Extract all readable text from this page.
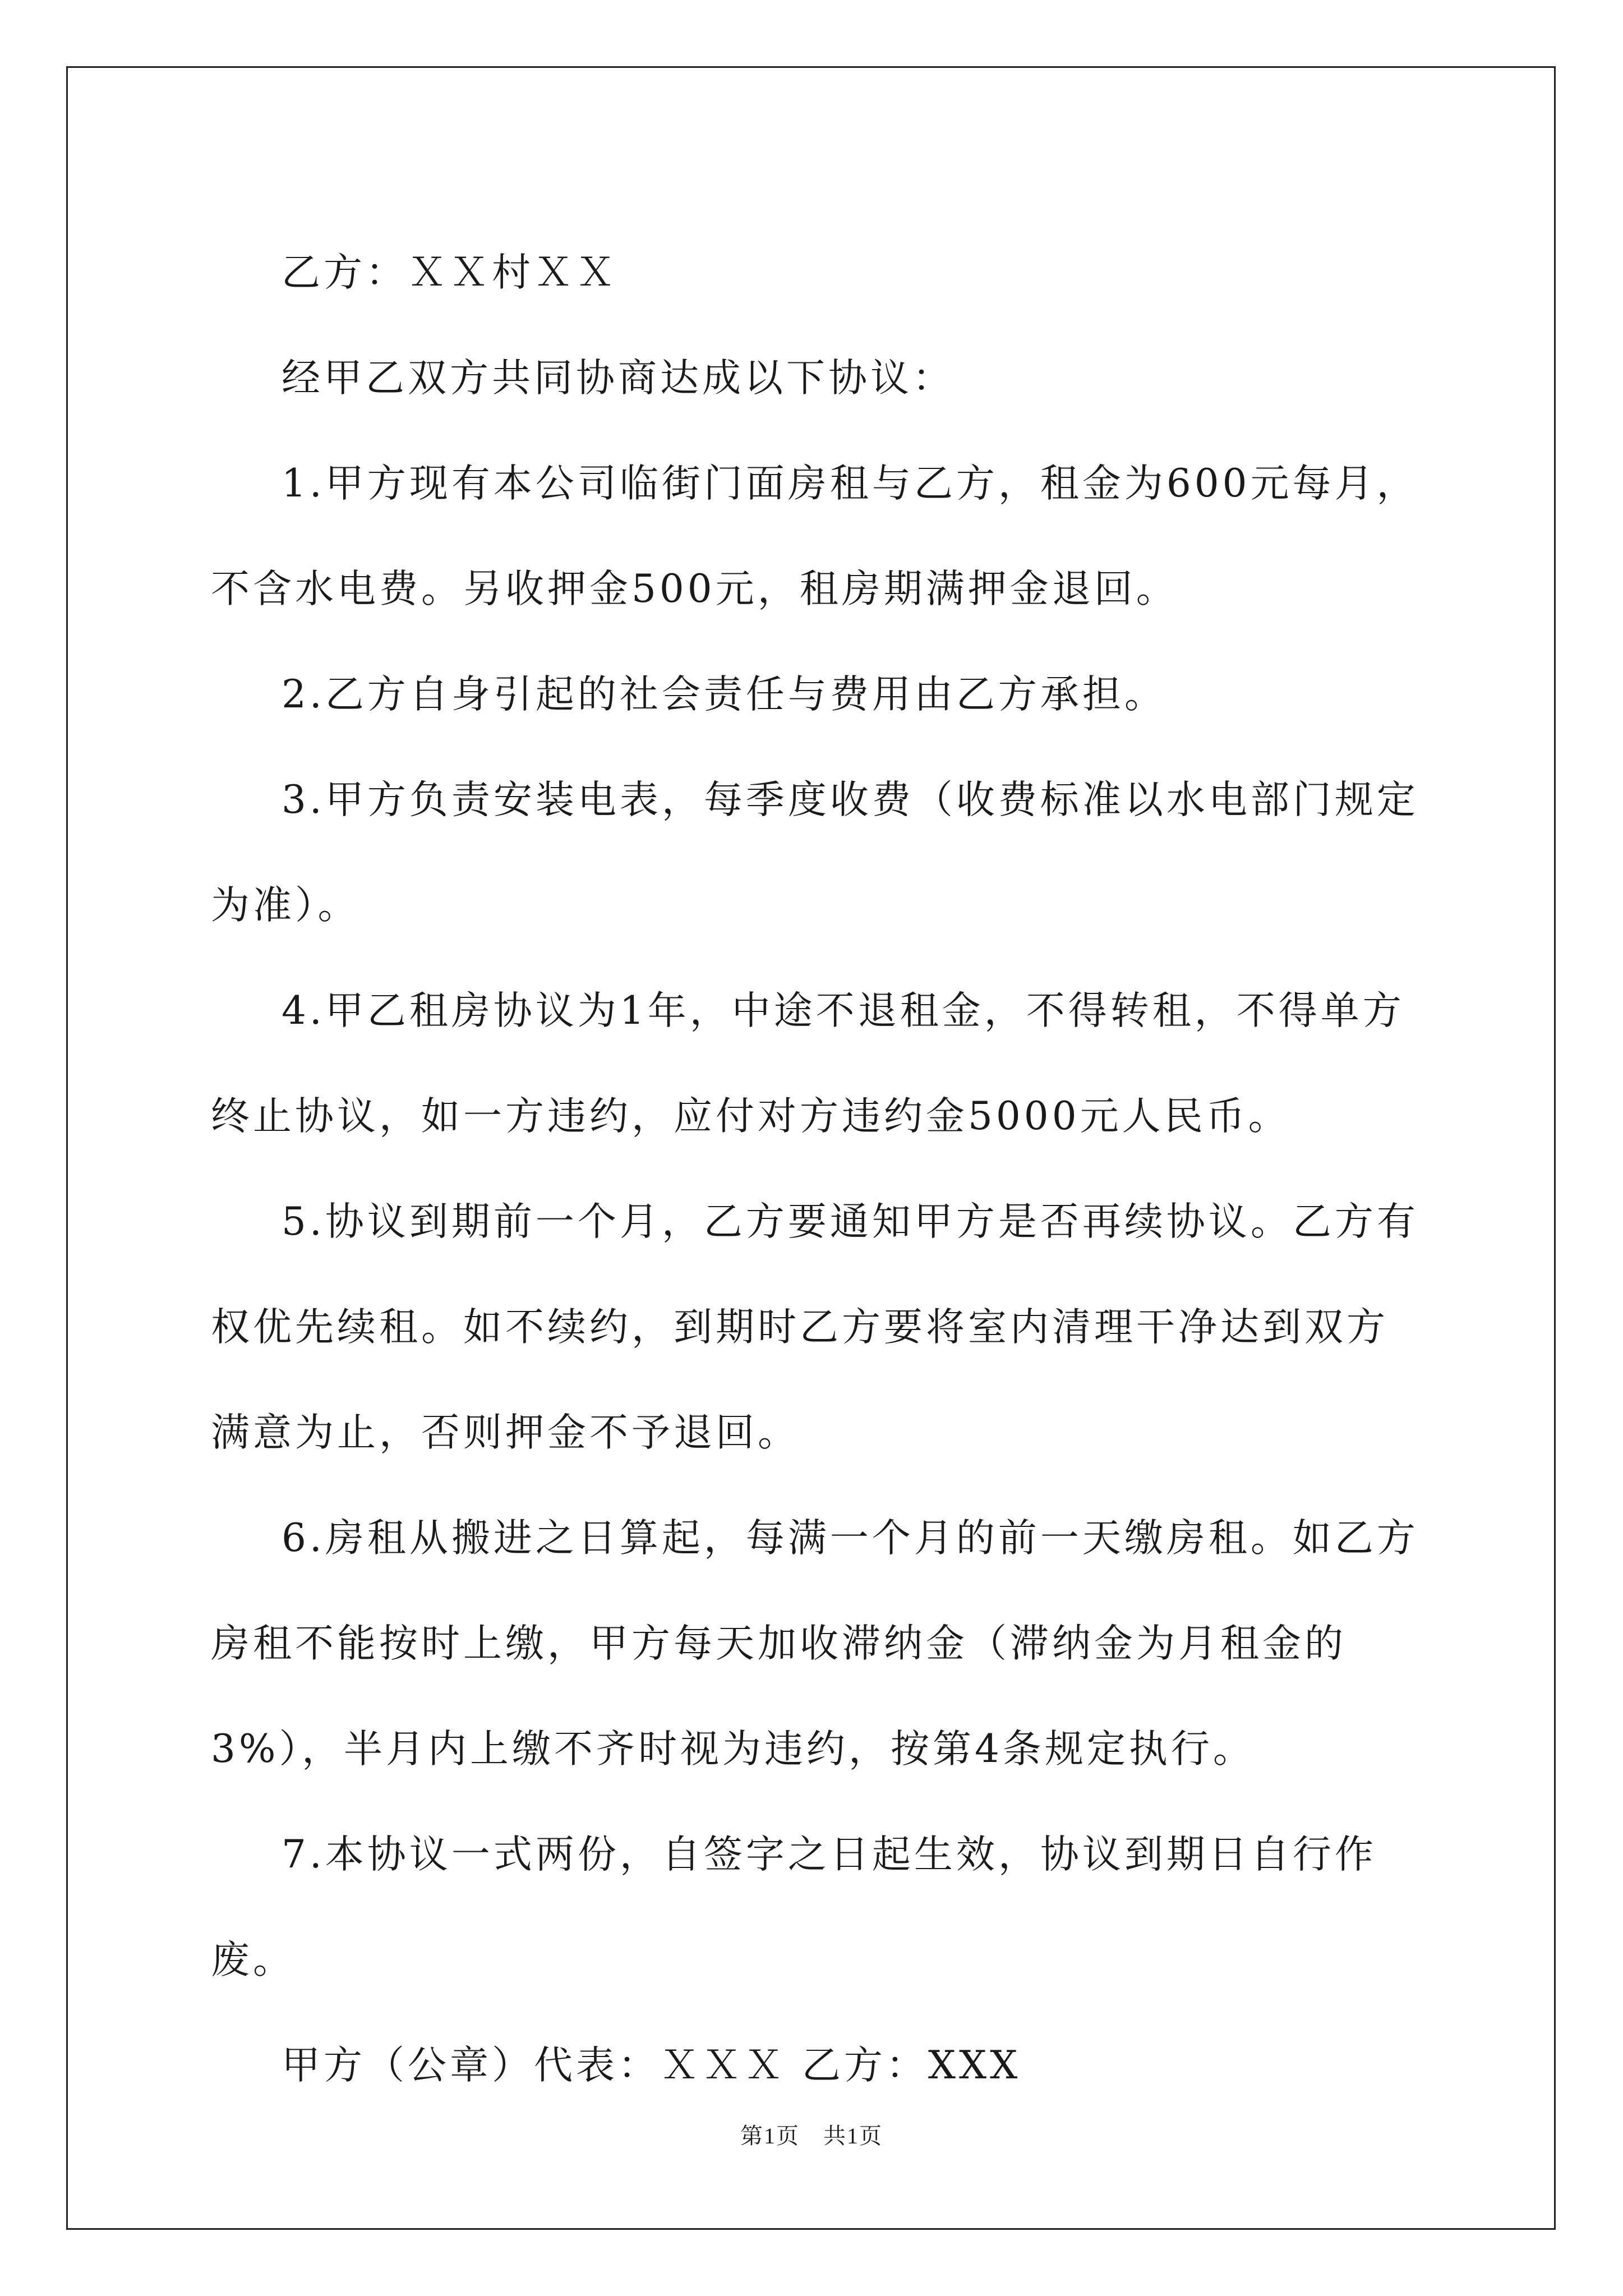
乙方：ＸＸ村ＸＸ

经甲乙双方共同协商达成以下协议：

1.甲方现有本公司临街门面房租与乙方，租金为600元每月，不含水电费。另收押金500元，租房期满押金退回。

2.乙方自身引起的社会责任与费用由乙方承担。

3.甲方负责安装电表，每季度收费（收费标准以水电部门规定为准）。

4.甲乙租房协议为1年，中途不退租金，不得转租，不得单方终止协议，如一方违约，应付对方违约金5000元人民币。

5.协议到期前一个月，乙方要通知甲方是否再续协议。乙方有权优先续租。如不续约，到期时乙方要将室内清理干净达到双方满意为止，否则押金不予退回。

6.房租从搬进之日算起，每满一个月的前一天缴房租。如乙方房租不能按时上缴，甲方每天加收滞纳金（滞纳金为月租金的3%），半月内上缴不齐时视为违约，按第4条规定执行。

7.本协议一式两份，自签字之日起生效，协议到期日自行作废。

甲方（公章）代表：ＸＸＸ 乙方：XXX

第1页　共1页
